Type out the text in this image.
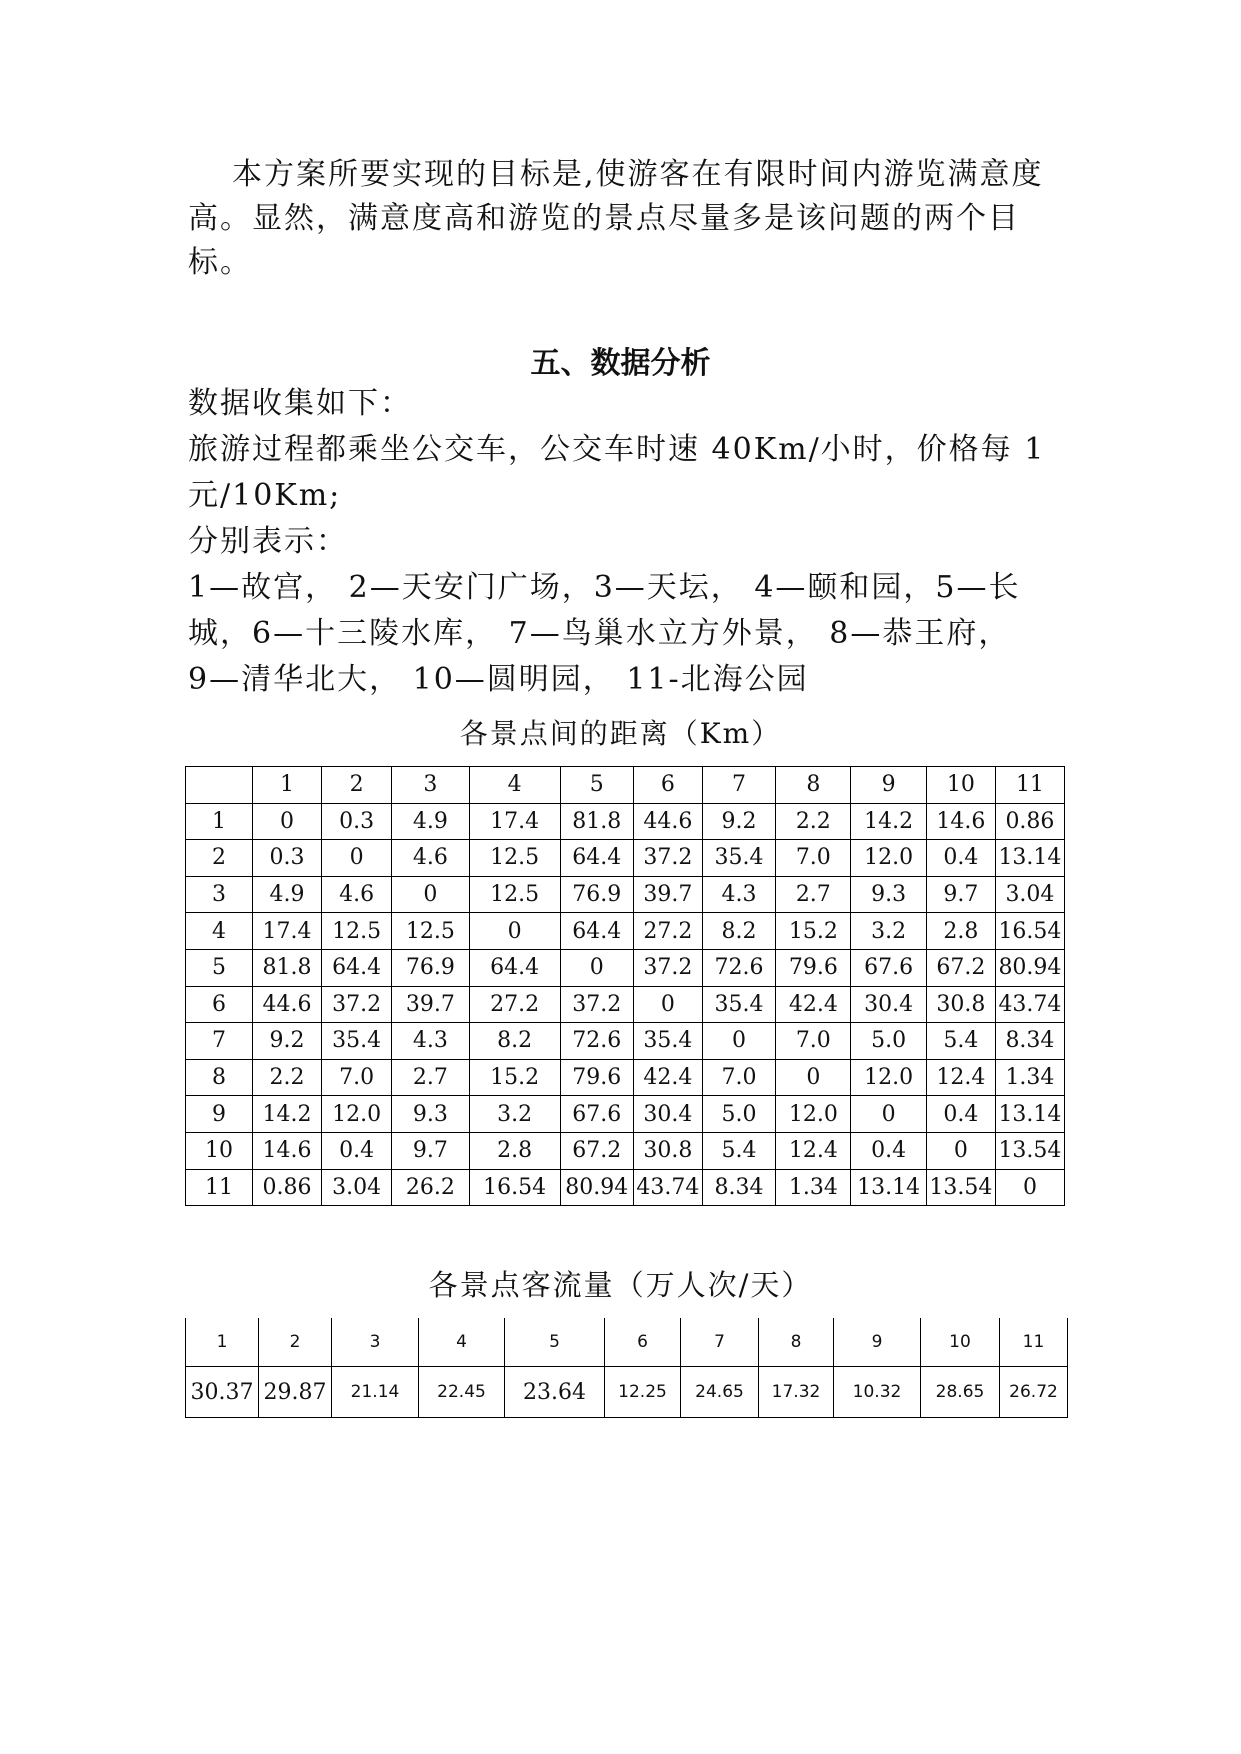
本方案所要实现的目标是,使游客在有限时间内游览满意度高。显然，满意度高和游览的景点尽量多是该问题的两个目标。

五、数据分析
数据收集如下：
旅游过程都乘坐公交车，公交车时速 40Km/小时，价格每 1
元/10Km;
分别表示：
1—故宫， 2—天安门广场，3—天坛， 4—颐和园，5—长
城，6—十三陵水库， 7—鸟巢水立方外景， 8—恭王府，
9—清华北大， 10—圆明园， 11-北海公园
各景点间的距离（Km）
	1	2	3	4	5	6	7	8	9	10	11
1	0	0.3	4.9	17.4	81.8	44.6	9.2	2.2	14.2	14.6	0.86
2	0.3	0	4.6	12.5	64.4	37.2	35.4	7.0	12.0	0.4	13.14
3	4.9	4.6	0	12.5	76.9	39.7	4.3	2.7	9.3	9.7	3.04
4	17.4	12.5	12.5	0	64.4	27.2	8.2	15.2	3.2	2.8	16.54
5	81.8	64.4	76.9	64.4	0	37.2	72.6	79.6	67.6	67.2	80.94
6	44.6	37.2	39.7	27.2	37.2	0	35.4	42.4	30.4	30.8	43.74
7	9.2	35.4	4.3	8.2	72.6	35.4	0	7.0	5.0	5.4	8.34
8	2.2	7.0	2.7	15.2	79.6	42.4	7.0	0	12.0	12.4	1.34
9	14.2	12.0	9.3	3.2	67.6	30.4	5.0	12.0	0	0.4	13.14
10	14.6	0.4	9.7	2.8	67.2	30.8	5.4	12.4	0.4	0	13.54
11	0.86	3.04	26.2	16.54	80.94	43.74	8.34	1.34	13.14	13.54	0
各景点客流量（万人次/天）
1	2	3	4	5	6	7	8	9	10	11
30.37	29.87	21.14	22.45	23.64	12.25	24.65	17.32	10.32	28.65	26.72
